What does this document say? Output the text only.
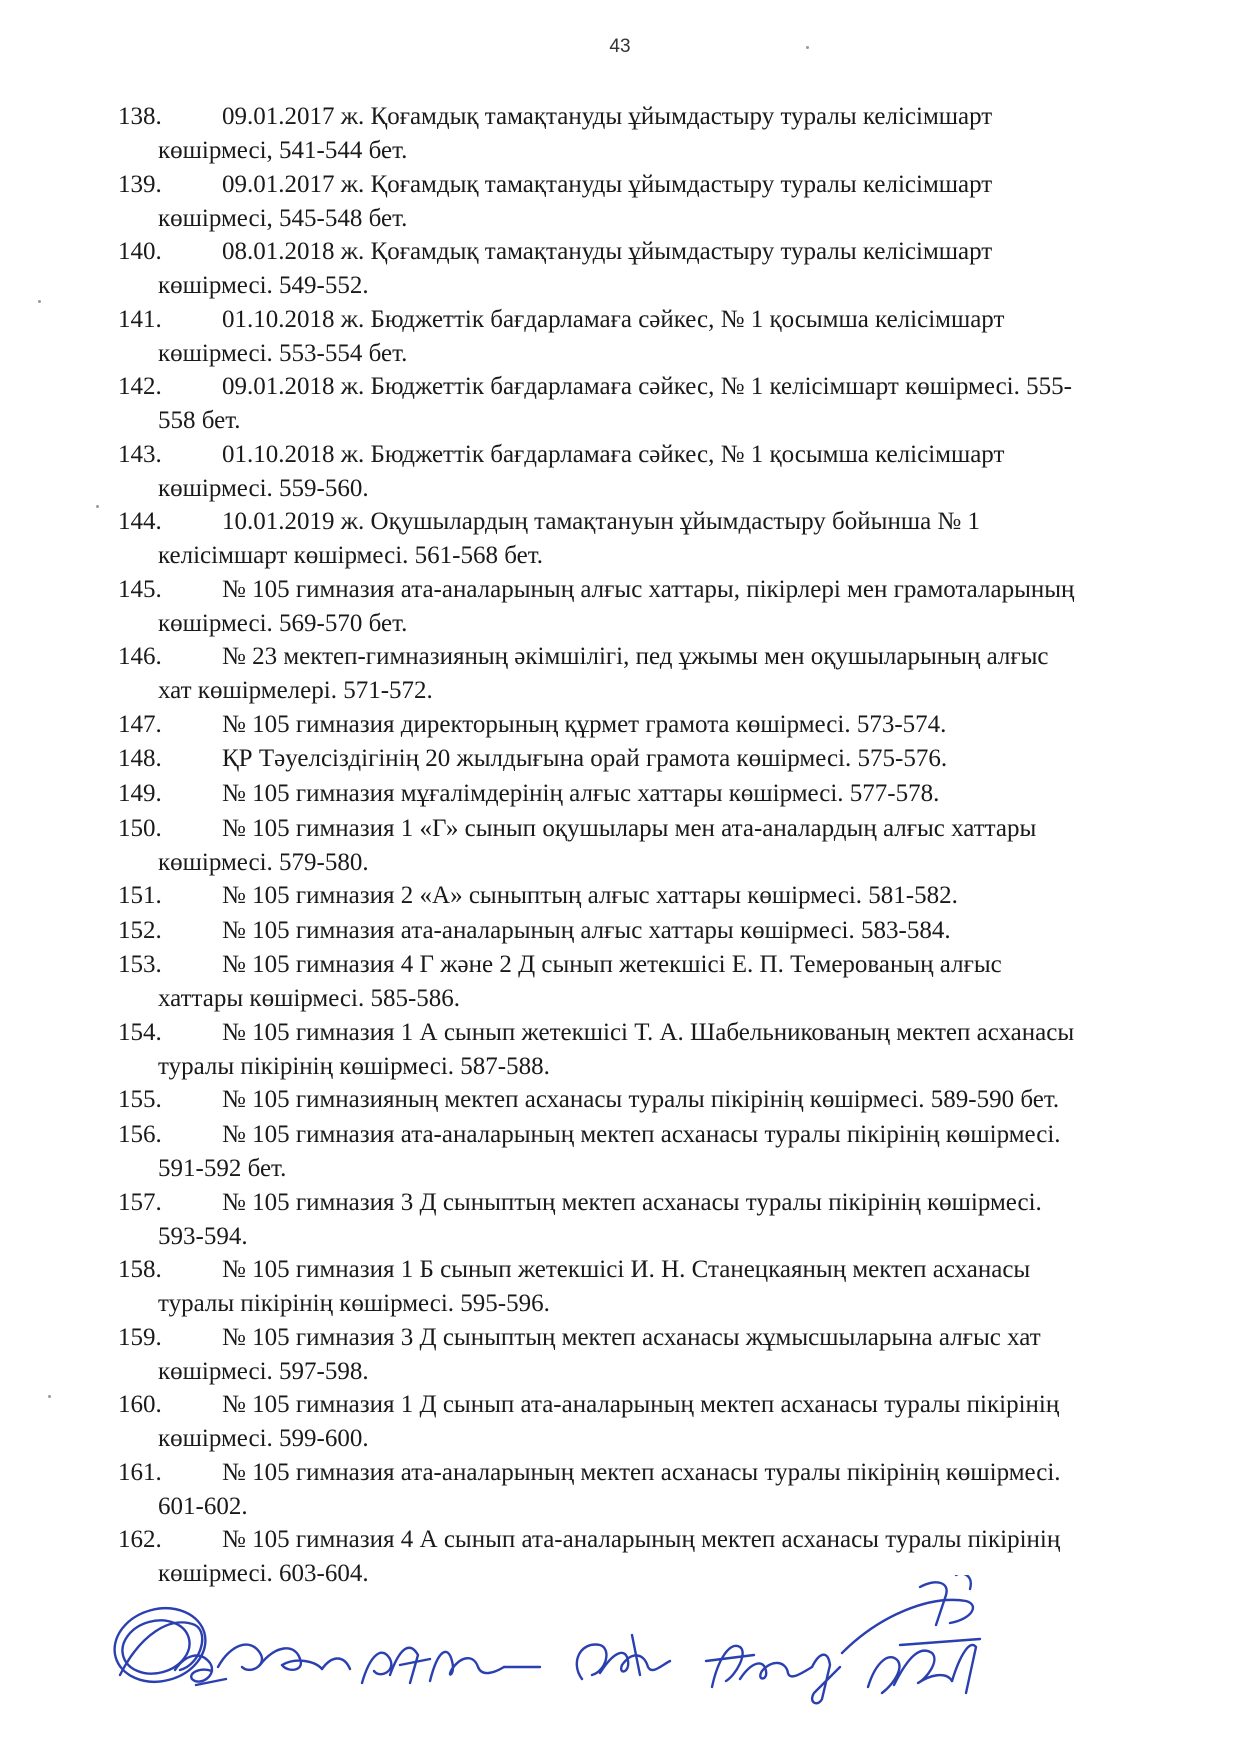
43
138. 09.01.2017 ж. Қоғамдық тамақтануды ұйымдастыру туралы келісімшарт
көшірмесі, 541-544 бет.
139. 09.01.2017 ж. Қоғамдық тамақтануды ұйымдастыру туралы келісімшарт
көшірмесі, 545-548 бет.
140. 08.01.2018 ж. Қоғамдық тамақтануды ұйымдастыру туралы келісімшарт
көшірмесі. 549-552.
141. 01.10.2018 ж. Бюджеттік бағдарламаға сәйкес, № 1 қосымша келісімшарт
көшірмесі. 553-554 бет.
142. 09.01.2018 ж. Бюджеттік бағдарламаға сәйкес, № 1 келісімшарт көшірмесі. 555-
558 бет.
143. 01.10.2018 ж. Бюджеттік бағдарламаға сәйкес, № 1 қосымша келісімшарт
көшірмесі. 559-560.
144. 10.01.2019 ж. Оқушылардың тамақтануын ұйымдастыру бойынша № 1
келісімшарт көшірмесі. 561-568 бет.
145. № 105 гимназия ата-аналарының алғыс хаттары, пікірлері мен грамоталарының
көшірмесі. 569-570 бет.
146. № 23 мектеп-гимназияның әкімшілігі, пед ұжымы мен оқушыларының алғыс
хат көшірмелері. 571-572.
147. № 105 гимназия директорының құрмет грамота көшірмесі. 573-574.
148. ҚР Тәуелсіздігінің 20 жылдығына орай грамота көшірмесі. 575-576.
149. № 105 гимназия мұғалімдерінің алғыс хаттары көшірмесі. 577-578.
150. № 105 гимназия 1 «Г» сынып оқушылары мен ата-аналардың алғыс хаттары
көшірмесі. 579-580.
151. № 105 гимназия 2 «А» сыныптың алғыс хаттары көшірмесі. 581-582.
152. № 105 гимназия ата-аналарының алғыс хаттары көшірмесі. 583-584.
153. № 105 гимназия 4 Г және 2 Д сынып жетекшісі Е. П. Темерованың алғыс
хаттары көшірмесі. 585-586.
154. № 105 гимназия 1 А сынып жетекшісі Т. А. Шабельникованың мектеп асханасы
туралы пікірінің көшірмесі. 587-588.
155. № 105 гимназияның мектеп асханасы туралы пікірінің көшірмесі. 589-590 бет.
156. № 105 гимназия ата-аналарының мектеп асханасы туралы пікірінің көшірмесі.
591-592 бет.
157. № 105 гимназия 3 Д сыныптың мектеп асханасы туралы пікірінің көшірмесі.
593-594.
158. № 105 гимназия 1 Б сынып жетекшісі И. Н. Станецкаяның мектеп асханасы
туралы пікірінің көшірмесі. 595-596.
159. № 105 гимназия 3 Д сыныптың мектеп асханасы жұмысшыларына алғыс хат
көшірмесі. 597-598.
160. № 105 гимназия 1 Д сынып ата-аналарының мектеп асханасы туралы пікірінің
көшірмесі. 599-600.
161. № 105 гимназия ата-аналарының мектеп асханасы туралы пікірінің көшірмесі.
601-602.
162. № 105 гимназия 4 А сынып ата-аналарының мектеп асханасы туралы пікірінің
көшірмесі. 603-604.
